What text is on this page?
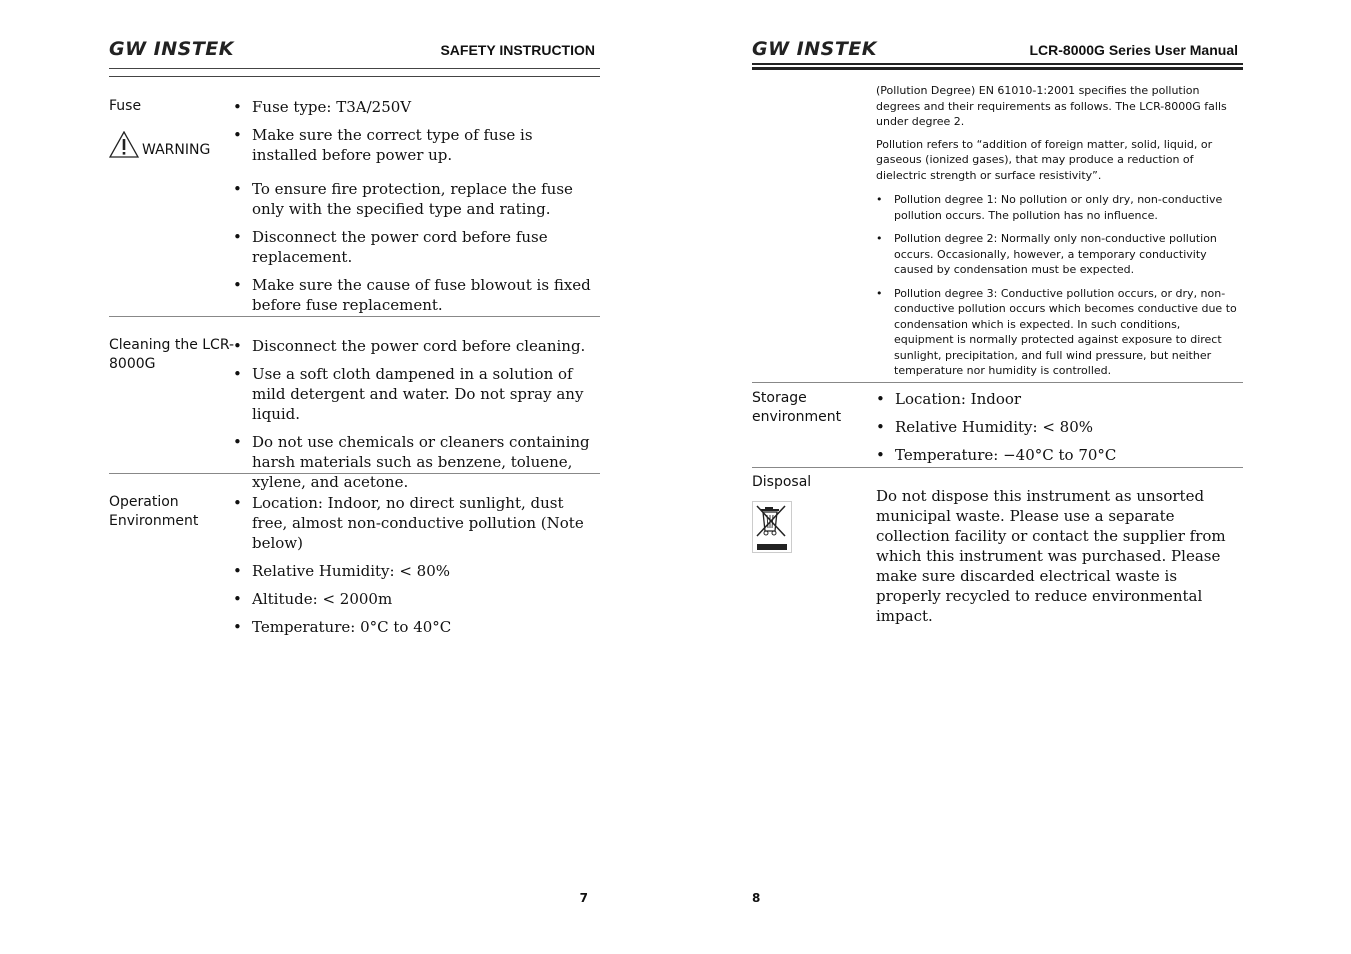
GW INSTEK	SAFETY INSTRUCTION
Fuse
WARNING
• Fuse type: T3A/250V
• Make sure the correct type of fuse is installed before power up.
• To ensure fire protection, replace the fuse only with the specified type and rating.
• Disconnect the power cord before fuse replacement.
• Make sure the cause of fuse blowout is fixed before fuse replacement.
Cleaning the LCR-
8000G
• Disconnect the power cord before cleaning.
• Use a soft cloth dampened in a solution of mild detergent and water. Do not spray any liquid.
• Do not use chemicals or cleaners containing harsh materials such as benzene, toluene, xylene, and acetone.
Operation
Environment
• Location: Indoor, no direct sunlight, dust free, almost non-conductive pollution (Note below)
• Relative Humidity: < 80%
• Altitude: < 2000m
• Temperature: 0°C to 40°C
7
GW INSTEK	LCR-8000G Series User Manual

(Pollution Degree) EN 61010-1:2001 specifies the pollution degrees and their requirements as follows. The LCR-8000G falls under degree 2.

Pollution refers to “addition of foreign matter, solid, liquid, or gaseous (ionized gases), that may produce a reduction of dielectric strength or surface resistivity”.

• Pollution degree 1: No pollution or only dry, non-conductive pollution occurs. The pollution has no influence.
• Pollution degree 2: Normally only non-conductive pollution occurs. Occasionally, however, a temporary conductivity caused by condensation must be expected.
• Pollution degree 3: Conductive pollution occurs, or dry, non-conductive pollution occurs which becomes conductive due to condensation which is expected. In such conditions, equipment is normally protected against exposure to direct sunlight, precipitation, and full wind pressure, but neither temperature nor humidity is controlled.
Storage
environment
• Location: Indoor
• Relative Humidity: < 80%
• Temperature: −40°C to 70°C
Disposal

Do not dispose this instrument as unsorted municipal waste. Please use a separate collection facility or contact the supplier from which this instrument was purchased. Please make sure discarded electrical waste is properly recycled to reduce environmental impact.

8
